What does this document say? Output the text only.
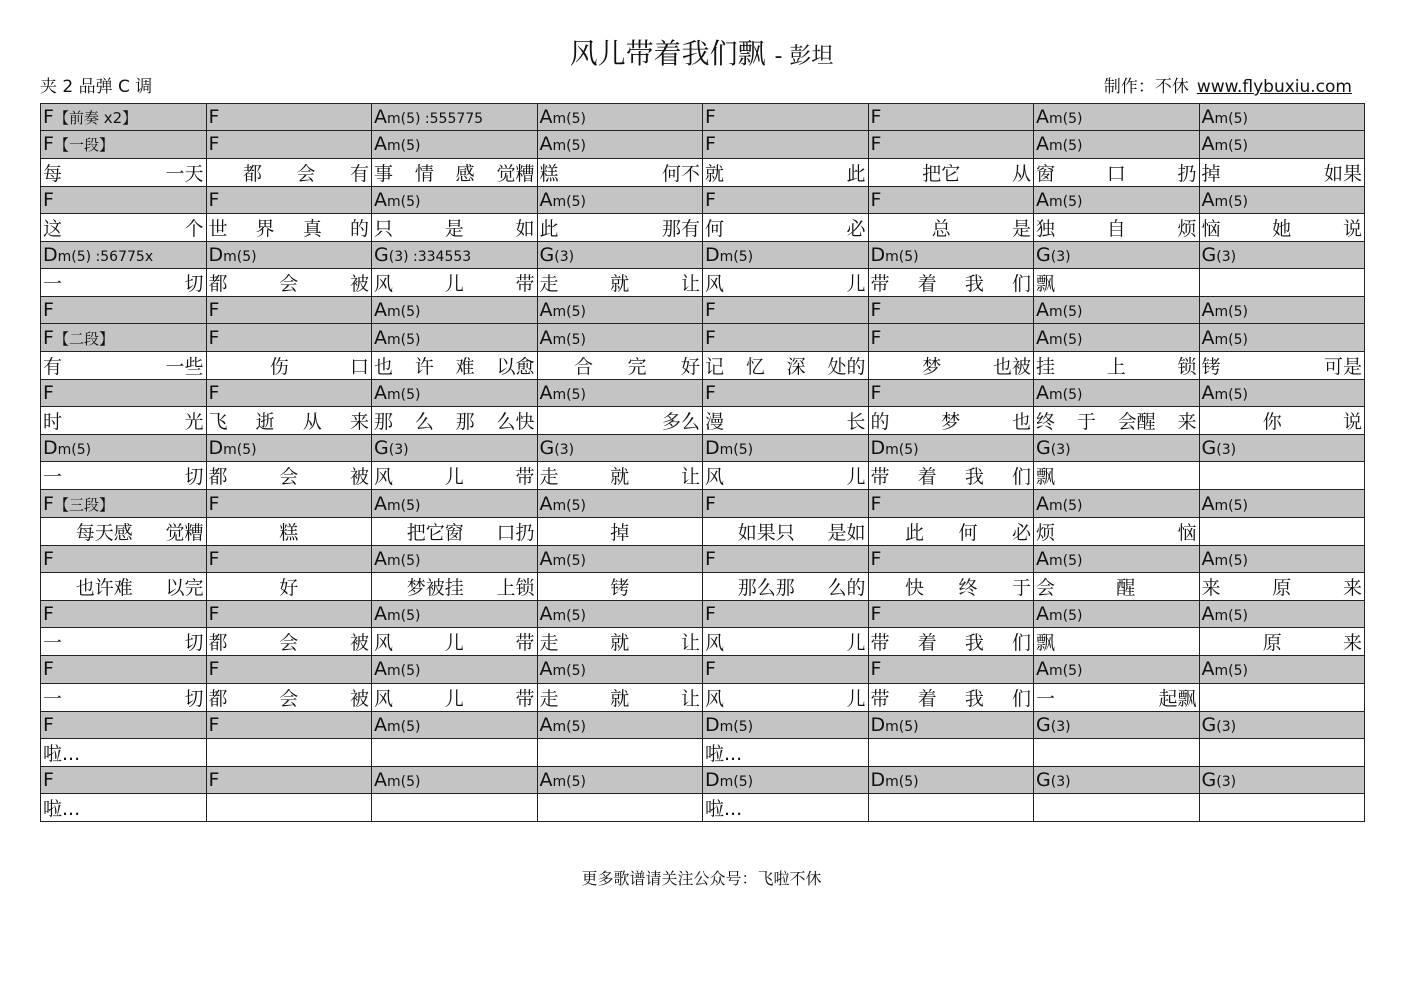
风儿带着我们飘 - 彭坦
夹 2 品弹 C 调	制作：不休 www.flybuxiu.com
F【前奏 x2】	F	Am(5) :555775	Am(5)	F	F	Am(5)	Am(5)
F【一段】	F	Am(5)	Am(5)	F	F	Am(5)	Am(5)

每 一天	都 会 有	事 情 感 觉糟	糕 何不	就 此	把它 从	窗 口 扔	掉 如果

F	F	Am(5)	Am(5)	F	F	Am(5)	Am(5)

这 个	世 界 真 的	只 是 如	此 那有	何 必	总 是	独 自 烦	恼 她 说

Dm(5) :56775x	Dm(5)	G(3) :334553	G(3)	Dm(5)	Dm(5)	G(3)	G(3)

一 切	都 会 被	风 儿 带	走 就 让	风 儿	带 着 我 们	飘	

F	F	Am(5)	Am(5)	F	F	Am(5)	Am(5)
F【二段】	F	Am(5)	Am(5)	F	F	Am(5)	Am(5)

有 一些	伤 口	也 许 难 以愈	合 完 好	记 忆 深 处的	梦 也被	挂 上 锁	铐 可是

F	F	Am(5)	Am(5)	F	F	Am(5)	Am(5)

时 光	飞 逝 从 来	那 么 那 么快	多么	漫 长	的 梦 也	终 于 会醒 来	你 说

Dm(5)	Dm(5)	G(3)	G(3)	Dm(5)	Dm(5)	G(3)	G(3)

一 切	都 会 被	风 儿 带	走 就 让	风 儿	带 着 我 们	飘	

F【三段】	F	Am(5)	Am(5)	F	F	Am(5)	Am(5)

每天感 觉糟	糕	把它窗 口扔	掉	如果只 是如	此 何 必	烦 恼	

F	F	Am(5)	Am(5)	F	F	Am(5)	Am(5)

也许难 以完	好	梦被挂 上锁	铐	那么那 么的	快 终 于	会 醒	来 原 来

F	F	Am(5)	Am(5)	F	F	Am(5)	Am(5)

一 切	都 会 被	风 儿 带	走 就 让	风 儿	带 着 我 们	飘	原 来

F	F	Am(5)	Am(5)	F	F	Am(5)	Am(5)

一 切	都 会 被	风 儿 带	走 就 让	风 儿	带 着 我 们	一 起飘	

F	F	Am(5)	Am(5)	Dm(5)	Dm(5)	G(3)	G(3)

啦...				啦...			

F	F	Am(5)	Am(5)	Dm(5)	Dm(5)	G(3)	G(3)

啦...				啦...			

更多歌谱请关注公众号：飞啦不休
